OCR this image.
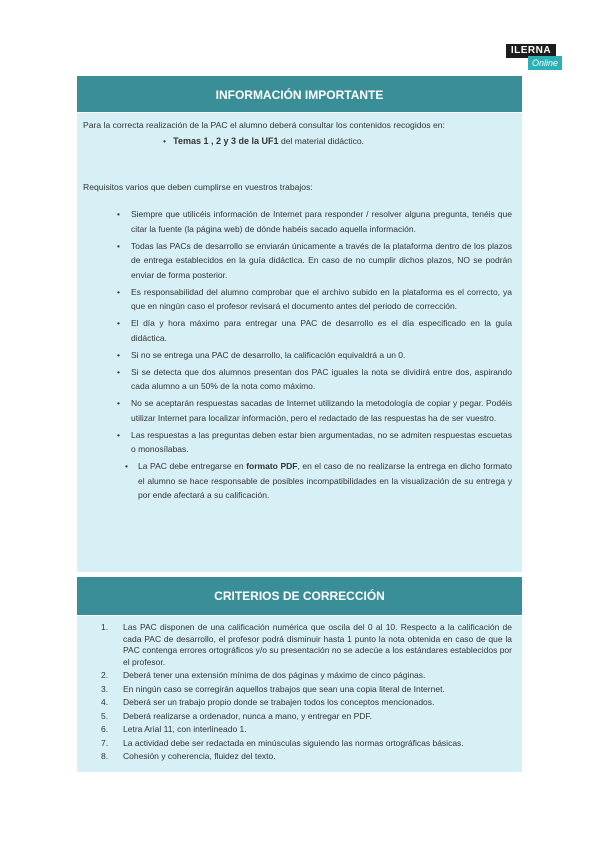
ILERNA
Online
INFORMACIÓN IMPORTANTE

Para la correcta realización de la PAC el alumno deberá consultar los contenidos recogidos en:

•   Temas 1 , 2 y 3 de la UF1 del material didáctico.

Requisitos varios que deben cumplirse en vuestros trabajos:

• Siempre que utilicéis información de Internet para responder / resolver alguna pregunta, tenéis que citar la fuente (la página web) de dónde habéis sacado aquella información.
• Todas las PACs de desarrollo se enviarán únicamente a través de la plataforma dentro de los plazos de entrega establecidos en la guía didáctica. En caso de no cumplir dichos plazos, NO se podrán enviar de forma posterior.
• Es responsabilidad del alumno comprobar que el archivo subido en la plataforma es el correcto, ya que en ningún caso el profesor revisará el documento antes del periodo de corrección.
• El día y hora máximo para entregar una PAC de desarrollo es el día especificado en la guía didáctica.
• Si no se entrega una PAC de desarrollo, la calificación equivaldrá a un 0.
• Si se detecta que dos alumnos presentan dos PAC iguales la nota se dividirá entre dos, aspirando cada alumno a un 50% de la nota como máximo.
• No se aceptarán respuestas sacadas de Internet utilizando la metodología de copiar y pegar. Podéis utilizar Internet para localizar información, pero el redactado de las respuestas ha de ser vuestro.
• Las respuestas a las preguntas deben estar bien argumentadas, no se admiten respuestas escuetas o monosílabas.
• La PAC debe entregarse en formato PDF, en el caso de no realizarse la entrega en dicho formato el alumno se hace responsable de posibles incompatibilidades en la visualización de su entrega y por ende afectará a su calificación.
CRITERIOS DE CORRECCIÓN
1. Las PAC disponen de una calificación numérica que oscila del 0 al 10. Respecto a la calificación de cada PAC de desarrollo, el profesor podrá disminuir hasta 1 punto la nota obtenida en caso de que la PAC contenga errores ortográficos y/o su presentación no se adecúe a los estándares establecidos por el profesor.
2. Deberá tener una extensión mínima de dos páginas y máximo de cinco páginas.
3. En ningún caso se corregirán aquellos trabajos que sean una copia literal de Internet.
4. Deberá ser un trabajo propio donde se trabajen todos los conceptos mencionados.
5. Deberá realizarse a ordenador, nunca a mano, y entregar en PDF.
6. Letra Arial 11, con interlineado 1.
7. La actividad debe ser redactada en minúsculas siguiendo las normas ortográficas básicas.
8. Cohesión y coherencia, fluidez del texto.
